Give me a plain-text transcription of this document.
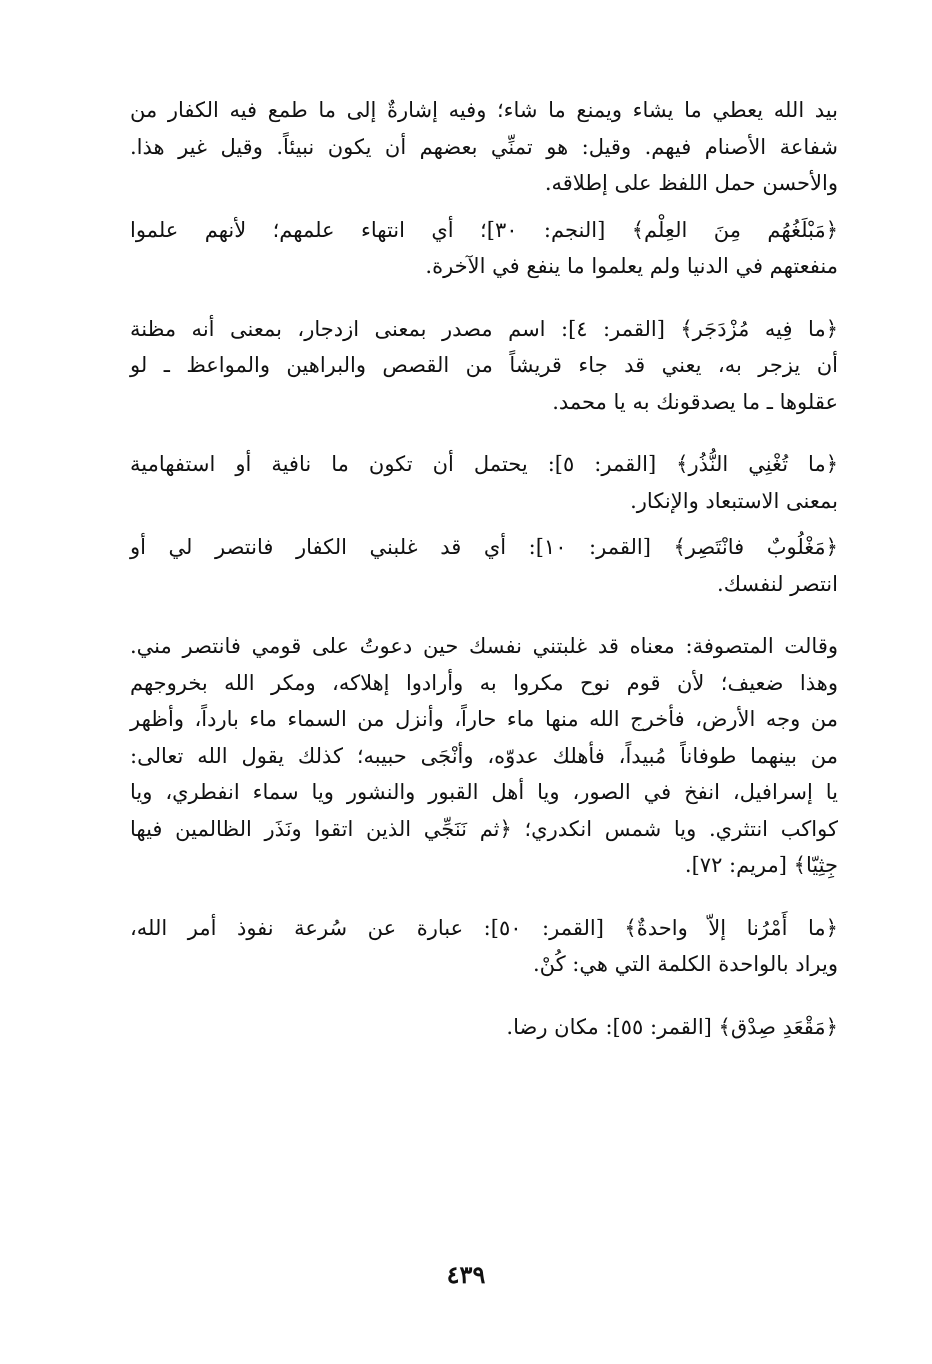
بيد الله يعطي ما يشاء ويمنع ما شاء؛ وفيه إشارةٌ إلى ما طمع فيه الكفار من
شفاعة الأصنام فيهم. وقيل: هو تمنِّي بعضهم أن يكون نبيئاً. وقيل غير هذا.
والأحسن حمل اللفظ على إطلاقه.
﴿مَبْلَغُهُم مِنَ العِلْم﴾ [النجم: ٣٠]؛ أي انتهاء علمهم؛ لأنهم علموا
منفعتهم في الدنيا ولم يعلموا ما ينفع في الآخرة.
﴿ما فِيه مُزْدَجَر﴾ [القمر: ٤]: اسم مصدر بمعنى ازدجار، بمعنى أنه مظنة
أن يزجر به، يعني قد جاء قريشاً من القصص والبراهين والمواعظ ـ لو
عقلوها ـ ما يصدقونك به يا محمد.
﴿ما تُغْنِي النُّذُر﴾ [القمر: ٥]: يحتمل أن تكون ما نافية أو استفهامية
بمعنى الاستبعاد والإنكار.
﴿مَغْلُوبٌ فانْتَصِر﴾ [القمر: ١٠]: أي قد غلبني الكفار فانتصر لي أو
انتصر لنفسك.
وقالت المتصوفة: معناه قد غلبتني نفسك حين دعوتُ على قومي فانتصر مني.
وهذا ضعيف؛ لأن قوم نوح مكروا به وأرادوا إهلاكه، ومكر الله بخروجهم
من وجه الأرض، فأخرج الله منها ماء حاراً، وأنزل من السماء ماء بارداً، وأظهر
من بينهما طوفاناً مُبيداً، فأهلك عدوّه، وأنْجَى حبيبه؛ كذلك يقول الله تعالى:
يا إسرافيل، انفخ في الصور، ويا أهل القبور والنشور ويا سماء انفطري، ويا
كواكب انتثري. ويا شمس انكدري؛ ﴿ثم نَنَجِّي الذين اتقوا ونَذَر الظالمين فيها
جِثِيّا﴾ [مريم: ٧٢].
﴿ما أَمْرُنا إلاّ واحدةٌ﴾ [القمر: ٥٠]: عبارة عن سُرعة نفوذ أمر الله،
ويراد بالواحدة الكلمة التي هي: كُنْ.
﴿مَقْعَدِ صِدْق﴾ [القمر: ٥٥]: مكان رضا.
٤٣٩
